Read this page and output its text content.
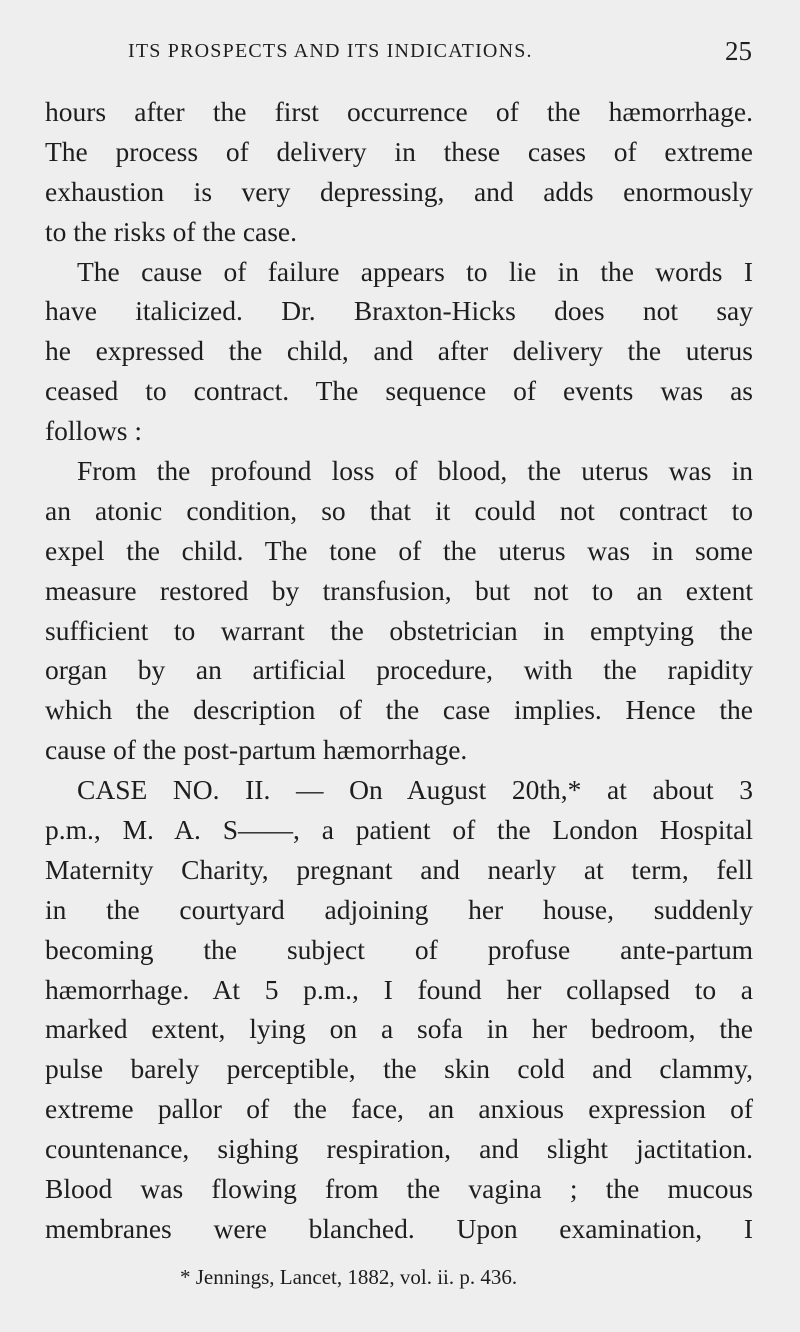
ITS PROSPECTS AND ITS INDICATIONS.	25
hours after the first occurrence of the hæmorrhage.
The process of delivery in these cases of extreme
exhaustion is very depressing, and adds enormously
to the risks of the case.
The cause of failure appears to lie in the words I
have italicized. Dr. Braxton-Hicks does not say
he expressed the child, and after delivery the uterus
ceased to contract. The sequence of events was as
follows :
From the profound loss of blood, the uterus was in
an atonic condition, so that it could not contract to
expel the child. The tone of the uterus was in some
measure restored by transfusion, but not to an extent
sufficient to warrant the obstetrician in emptying the
organ by an artificial procedure, with the rapidity
which the description of the case implies. Hence the
cause of the post-partum hæmorrhage.
CASE NO. II. — On August 20th,* at about 3
p.m., M. A. S——, a patient of the London Hospital
Maternity Charity, pregnant and nearly at term, fell
in the courtyard adjoining her house, suddenly
becoming the subject of profuse ante-partum
hæmorrhage. At 5 p.m., I found her collapsed to a
marked extent, lying on a sofa in her bedroom, the
pulse barely perceptible, the skin cold and clammy,
extreme pallor of the face, an anxious expression of
countenance, sighing respiration, and slight jactitation.
Blood was flowing from the vagina ; the mucous
membranes were blanched. Upon examination, I
* Jennings, Lancet, 1882, vol. ii. p. 436.
